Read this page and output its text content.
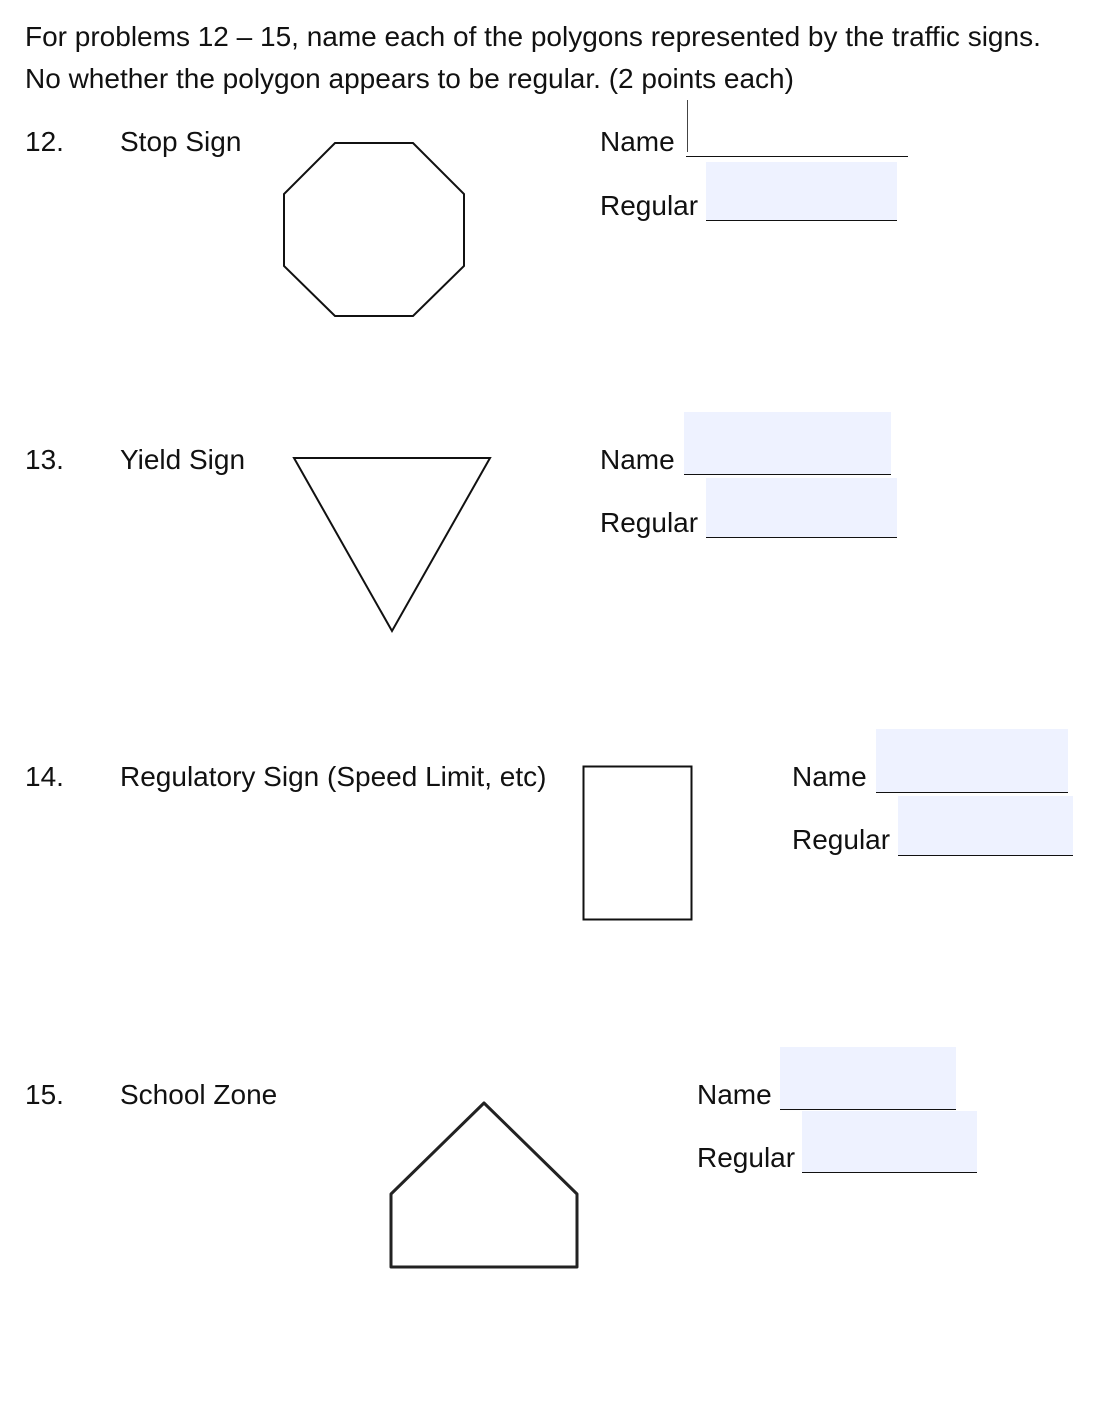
For problems 12 – 15, name each of the polygons represented by the traffic signs.
No whether the polygon appears to be regular. (2 points each)
12. Stop Sign	Name
Regular
13. Yield Sign	Name
Regular
14. Regulatory Sign (Speed Limit, etc)	Name
Regular
15. School Zone	Name
Regular
